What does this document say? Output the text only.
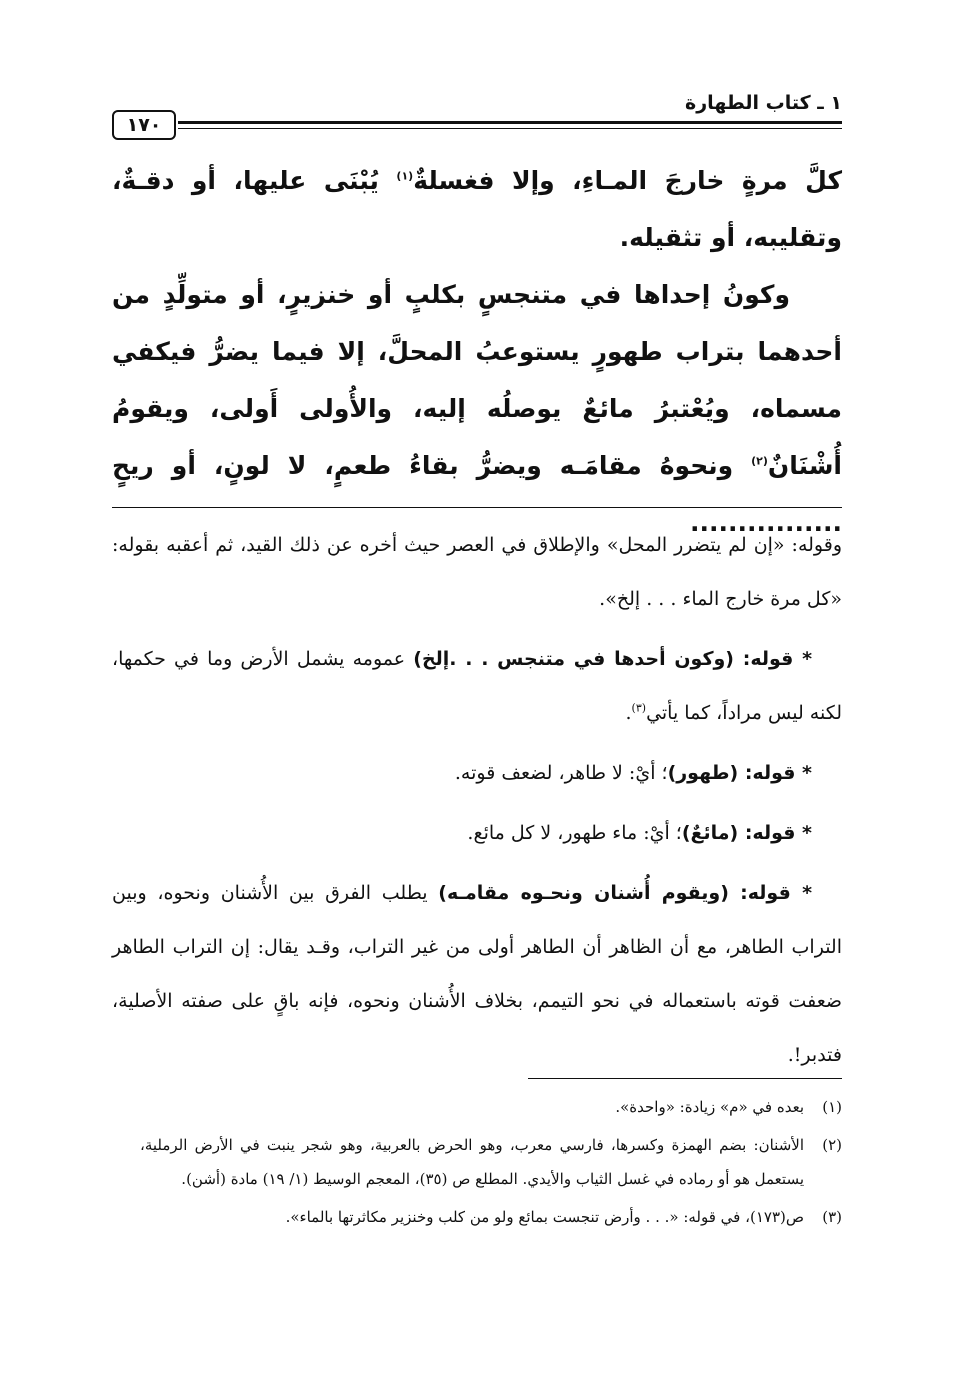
١٧٠
١ ـ كتاب الطهارة

كلَّ مرةٍ خارجَ المـاءِ، وإلا فغسلةٌ$^{(١)}$ يُبْنَى عليها، أو دقـةٌ، وتقليبه، أو تثقيله.

وكونُ إحداها في متنجسٍ بكلبٍ أو خنزيرٍ، أو متولِّدٍ من أحدهما بتراب طهورٍ يستوعبُ المحلَّ، إلا فيما يضرُّ فيكفي مسماه، ويُعْتبرُ مائعٌ يوصلُه إليه، والأُولى أَولى، ويقومُ أُشْنَانٌ$^{(٢)}$ ونحوهُ مقامَـه ويضرُّ بقاءُ طعمٍ، لا لونٍ، أو ريحٍ ................

وقوله: «إن لم يتضرر المحل» والإطلاق في العصر حيث أخره عن ذلك القيد، ثم أعقبه بقوله: «كل مرة خارج الماء . . . إلخ».

* قوله: (وكون أحدها في متنجس . . .إلخ) عمومه يشمل الأرض وما في حكمها، لكنه ليس مراداً، كما يأتي$^{(٣)}$.

* قوله: (طهور)؛ أيْ: لا طاهر، لضعف قوته.

* قوله: (مائعٌ)؛ أيْ: ماء طهور، لا كل مائع.

* قوله: (ويقوم أُشنان ونحـوه مقامـه) يطلب الفرق بين الأُشنان ونحوه، وبين التراب الطاهر، مع أن الظاهر أن الطاهر أولى من غير التراب، وقـد يقال: إن التراب الطاهر ضعفت قوته باستعماله في نحو التيمم، بخلاف الأُشنان ونحوه، فإنه باقٍ على صفته الأصلية، فتدبر!.

(١)
بعده في «م» زيادة: «واحدة».

(٢)
الأشنان: بضم الهمزة وكسرها، فارسي معرب، وهو الحرض بالعربية، وهو شجر ينبت في الأرض الرملية، يستعمل هو أو رماده في غسل الثياب والأيدي. المطلع ص (٣٥)، المعجم الوسيط (١/ ١٩) مادة (أشن).

(٣)
ص(١٧٣)، في قوله: «. . . وأرض تنجست بمائع ولو من كلب وخنزير مكاثرتها بالماء».
